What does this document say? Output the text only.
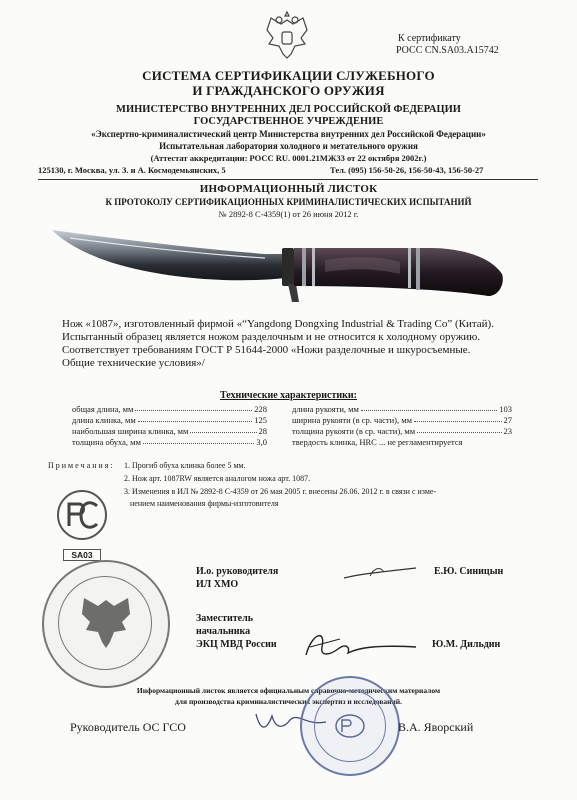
К сертификату
РОСС CN.SA03.A15742
СИСТЕМА СЕРТИФИКАЦИИ СЛУЖЕБНОГО
И ГРАЖДАНСКОГО ОРУЖИЯ
МИНИСТЕРСТВО ВНУТРЕННИХ ДЕЛ РОССИЙСКОЙ ФЕДЕРАЦИИ
ГОСУДАРСТВЕННОЕ УЧРЕЖДЕНИЕ
«Экспертно-криминалистический центр Министерства внутренних дел Российской Федерации»
Испытательная лаборатория холодного и метательного оружия
(Аттестат аккредитации: РОСС RU. 0001.21МЖ33 от 22 октября 2002г.)
125130, г. Москва, ул. З. и А. Космодемьянских, 5	Тел. (095) 156-50-26, 156-50-43, 156-50-27
ИНФОРМАЦИОННЫЙ ЛИСТОК
К ПРОТОКОЛУ СЕРТИФИКАЦИОННЫХ КРИМИНАЛИСТИЧЕСКИХ ИСПЫТАНИЙ
№ 2892-8 С-4359(1) от 26 июня 2012 г.
Нож «1087», изготовленный фирмой «“Yangdong Dongxing Industrial & Trading Co” (Китай).
Испытанный образец является ножом разделочным и не относится к холодному оружию.
Соответствует требованиям ГОСТ Р 51644-2000 «Ножи разделочные и шкуросъемные.
Общие технические условия»/
Технические характеристики:
общая длина, мм	228
длина клинка, мм	125
наибольшая ширина клинка, мм	28
толщина обуха, мм	3,0
длина рукояти, мм	103
ширина рукояти (в ср. части), мм	27
толщина рукояти (в ср. части), мм	23
твердость клинка, HRC ... не регламентируется
П р и м е ч а н и я : 1. Прогиб обуха клинка более 5 мм.
2. Нож арт. 1087RW является аналогом ножа арт. 1087.
3. Изменения в ИЛ № 2892-8 С-4359 от 26 мая 2005 г. внесены 26.06. 2012 г. в связи с изме-
нением наименования фирмы-изготовителя
SA03
И.о. руководителя
ИЛ ХМО
Е.Ю. Синицын
Заместитель
начальника
ЭКЦ МВД России	Ю.М. Дильдин
Информационный листок является официальным справочно-методическим материалом
для производства криминалистических экспертиз и исследований.
Руководитель ОС ГСО	В.А. Яворский
